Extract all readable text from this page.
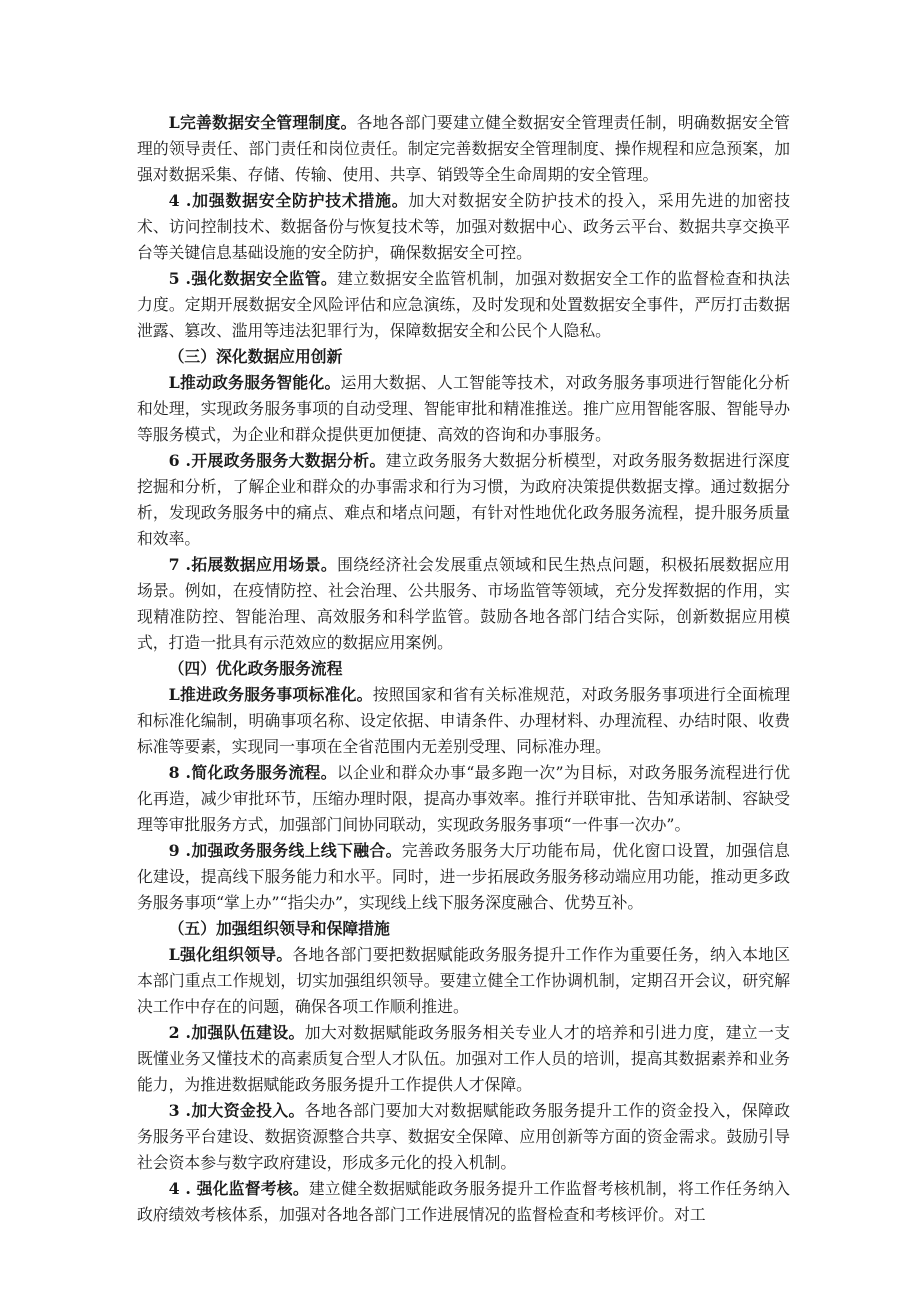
L完善数据安全管理制度。各地各部门要建立健全数据安全管理责任制，明确数据安全管理的领导责任、部门责任和岗位责任。制定完善数据安全管理制度、操作规程和应急预案，加强对数据采集、存储、传输、使用、共享、销毁等全生命周期的安全管理。

4 .加强数据安全防护技术措施。加大对数据安全防护技术的投入，采用先进的加密技术、访问控制技术、数据备份与恢复技术等，加强对数据中心、政务云平台、数据共享交换平台等关键信息基础设施的安全防护，确保数据安全可控。

5 .强化数据安全监管。建立数据安全监管机制，加强对数据安全工作的监督检查和执法力度。定期开展数据安全风险评估和应急演练，及时发现和处置数据安全事件，严厉打击数据泄露、篡改、滥用等违法犯罪行为，保障数据安全和公民个人隐私。

（三）深化数据应用创新

L推动政务服务智能化。运用大数据、人工智能等技术，对政务服务事项进行智能化分析和处理，实现政务服务事项的自动受理、智能审批和精准推送。推广应用智能客服、智能导办等服务模式，为企业和群众提供更加便捷、高效的咨询和办事服务。

6 .开展政务服务大数据分析。建立政务服务大数据分析模型，对政务服务数据进行深度挖掘和分析，了解企业和群众的办事需求和行为习惯，为政府决策提供数据支撑。通过数据分析，发现政务服务中的痛点、难点和堵点问题，有针对性地优化政务服务流程，提升服务质量和效率。

7 .拓展数据应用场景。围绕经济社会发展重点领域和民生热点问题，积极拓展数据应用场景。例如，在疫情防控、社会治理、公共服务、市场监管等领域，充分发挥数据的作用，实现精准防控、智能治理、高效服务和科学监管。鼓励各地各部门结合实际，创新数据应用模式，打造一批具有示范效应的数据应用案例。

（四）优化政务服务流程

L推进政务服务事项标准化。按照国家和省有关标准规范，对政务服务事项进行全面梳理和标准化编制，明确事项名称、设定依据、申请条件、办理材料、办理流程、办结时限、收费标准等要素，实现同一事项在全省范围内无差别受理、同标准办理。

8 .简化政务服务流程。以企业和群众办事“最多跑一次”为目标，对政务服务流程进行优化再造，减少审批环节，压缩办理时限，提高办事效率。推行并联审批、告知承诺制、容缺受理等审批服务方式，加强部门间协同联动，实现政务服务事项“一件事一次办”。

9 .加强政务服务线上线下融合。完善政务服务大厅功能布局，优化窗口设置，加强信息化建设，提高线下服务能力和水平。同时，进一步拓展政务服务移动端应用功能，推动更多政务服务事项“掌上办”“指尖办”，实现线上线下服务深度融合、优势互补。

（五）加强组织领导和保障措施

L强化组织领导。各地各部门要把数据赋能政务服务提升工作作为重要任务，纳入本地区本部门重点工作规划，切实加强组织领导。要建立健全工作协调机制，定期召开会议，研究解决工作中存在的问题，确保各项工作顺利推进。

2 .加强队伍建设。加大对数据赋能政务服务相关专业人才的培养和引进力度，建立一支既懂业务又懂技术的高素质复合型人才队伍。加强对工作人员的培训，提高其数据素养和业务能力，为推进数据赋能政务服务提升工作提供人才保障。

3 .加大资金投入。各地各部门要加大对数据赋能政务服务提升工作的资金投入，保障政务服务平台建设、数据资源整合共享、数据安全保障、应用创新等方面的资金需求。鼓励引导社会资本参与数字政府建设，形成多元化的投入机制。

4 . 强化监督考核。建立健全数据赋能政务服务提升工作监督考核机制，将工作任务纳入政府绩效考核体系，加强对各地各部门工作进展情况的监督检查和考核评价。对工
